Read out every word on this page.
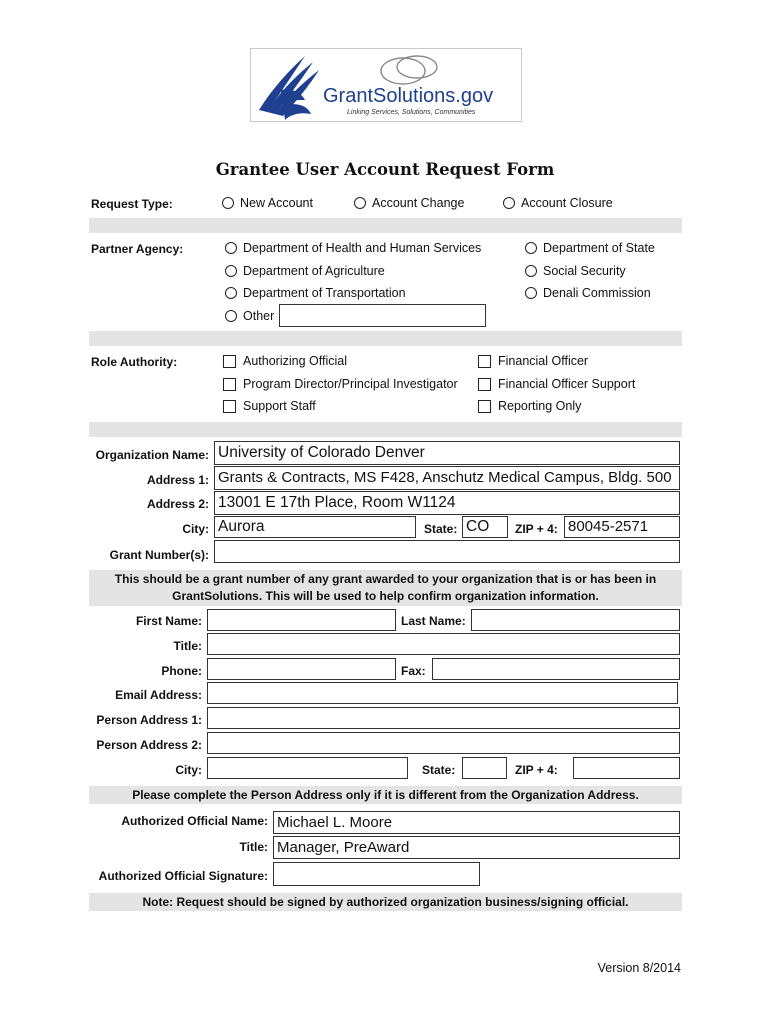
GrantSolutions.gov
Linking Services, Solutions, Communities
Grantee User Account Request Form
Request Type:	New Account	Account Change	Account Closure
Partner Agency:	Department of Health and Human Services	Department of State
Department of Agriculture	Social Security
Department of Transportation	Denali Commission
Other
Role Authority:	Authorizing Official	Financial Officer
Program Director/Principal Investigator	Financial Officer Support
Support Staff	Reporting Only
Organization Name: University of Colorado Denver
Address 1: Grants & Contracts, MS F428, Anschutz Medical Campus, Bldg. 500
Address 2: 13001 E 17th Place, Room W1124
City: Aurora	State: CO	ZIP + 4: 80045-2571
Grant Number(s):
This should be a grant number of any grant awarded to your organization that is or has been in GrantSolutions. This will be used to help confirm organization information.
First Name:	Last Name:
Title:
Phone:	Fax:
Email Address:
Person Address 1:
Person Address 2:
City:	State:	ZIP + 4:
Please complete the Person Address only if it is different from the Organization Address.
Authorized Official Name: Michael L. Moore
Title: Manager, PreAward
Authorized Official Signature:
Note: Request should be signed by authorized organization business/signing official.
Version 8/2014
